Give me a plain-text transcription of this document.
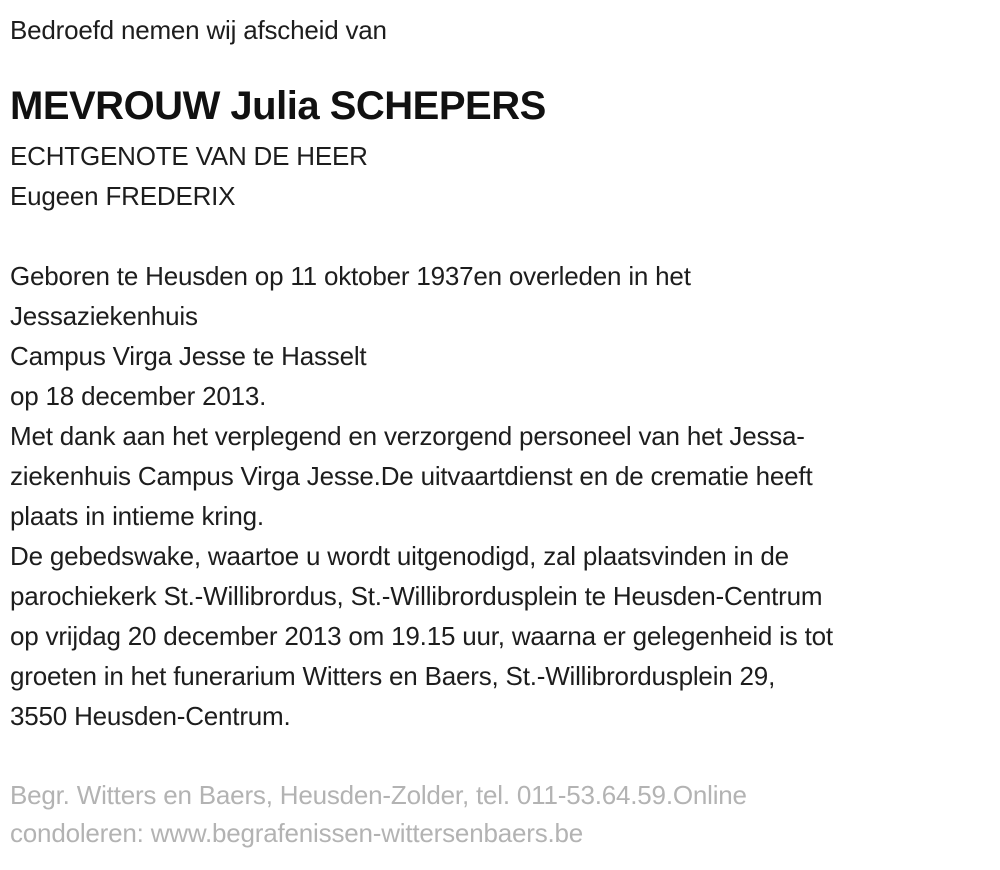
Bedroefd nemen wij afscheid van
MEVROUW Julia SCHEPERS
ECHTGENOTE VAN DE HEER
Eugeen FREDERIX
Geboren te Heusden op 11 oktober 1937en overleden in het
Jessaziekenhuis
Campus Virga Jesse te Hasselt
op 18 december 2013.
Met dank aan het verplegend en verzorgend personeel van het Jessa-
ziekenhuis Campus Virga Jesse.De uitvaartdienst en de crematie heeft
plaats in intieme kring.
De gebedswake, waartoe u wordt uitgenodigd, zal plaatsvinden in de
parochiekerk St.-Willibrordus, St.-Willibrordusplein te Heusden-Centrum
op vrijdag 20 december 2013 om 19.15 uur, waarna er gelegenheid is tot
groeten in het funerarium Witters en Baers, St.-Willibrordusplein 29,
3550 Heusden-Centrum.
Begr. Witters en Baers, Heusden-Zolder, tel. 011-53.64.59.Online
condoleren: www.begrafenissen-wittersenbaers.be
